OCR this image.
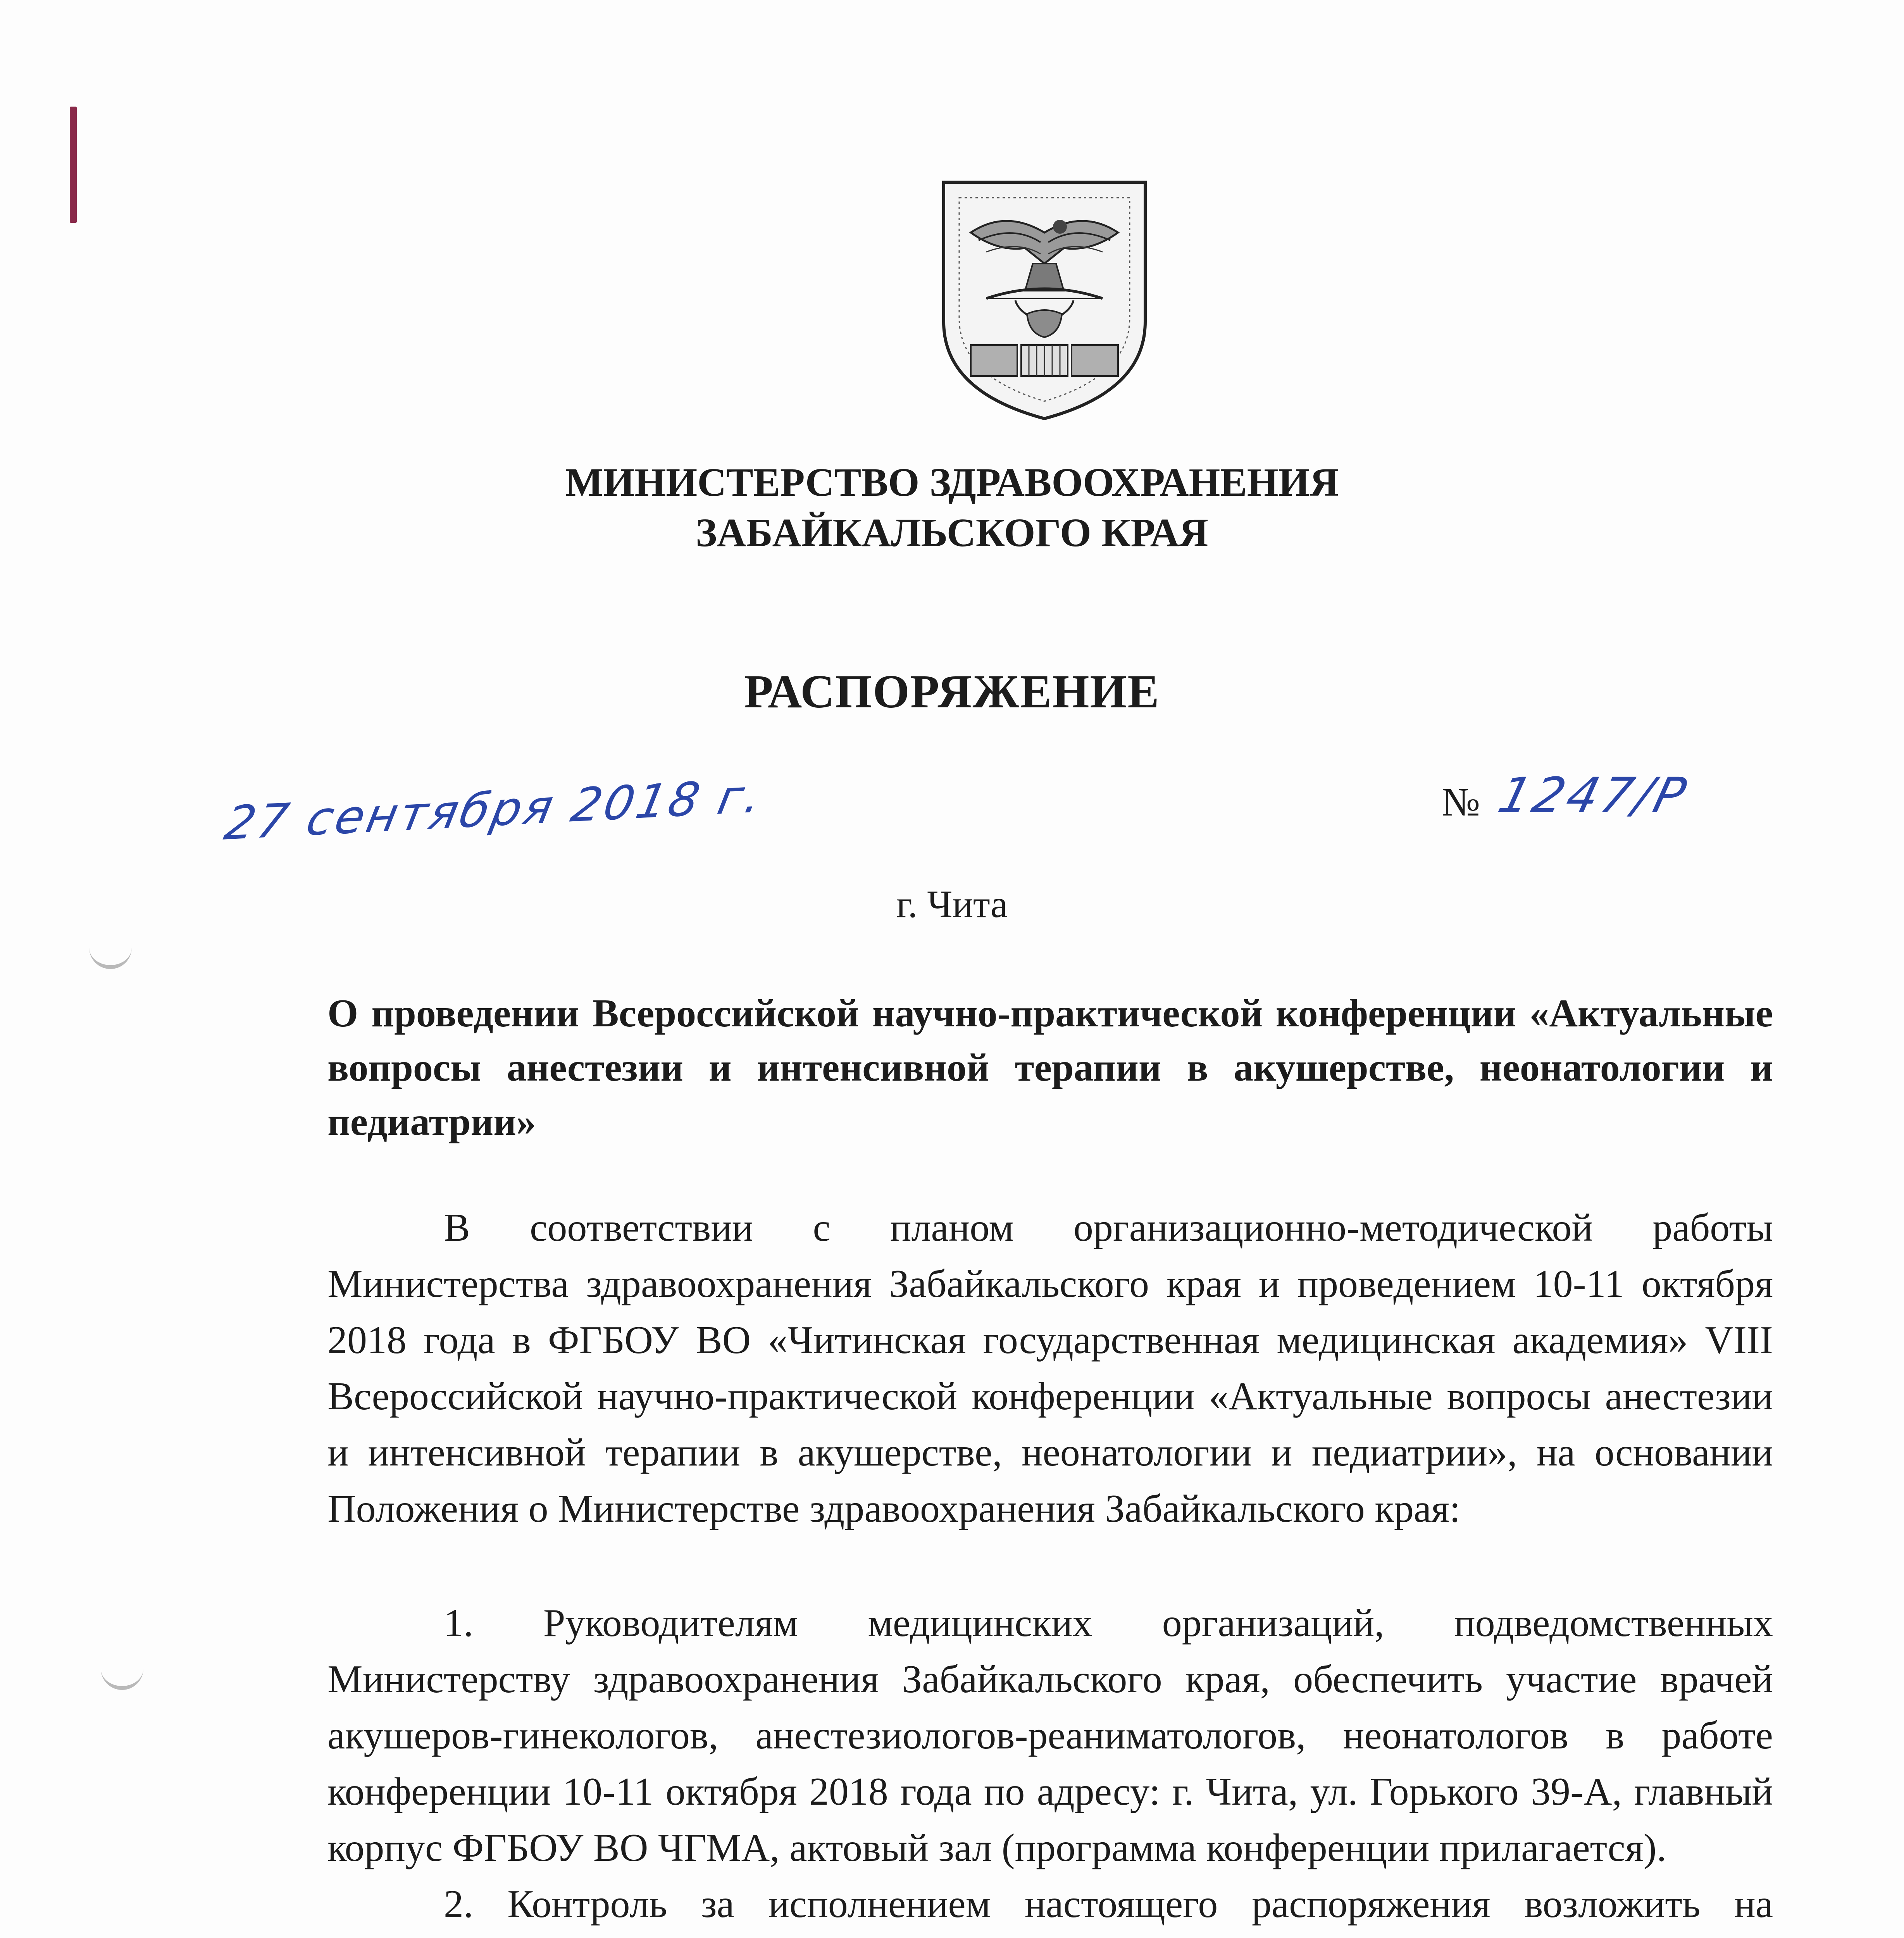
МИНИСТЕРСТВО ЗДРАВООХРАНЕНИЯ
ЗАБАЙКАЛЬСКОГО КРАЯ
РАСПОРЯЖЕНИЕ
27 сентября 2018 г.	№ 1247/Р
г. Чита
О проведении Всероссийской научно-практической конференции «Актуальные вопросы анестезии и интенсивной терапии в акушерстве, неонатологии и педиатрии»

В соответствии с планом организационно-методической работы Министерства здравоохранения Забайкальского края и проведением 10-11 октября 2018 года в ФГБОУ ВО «Читинская государственная медицинская академия» VIII Всероссийской научно-практической конференции «Актуальные вопросы анестезии и интенсивной терапии в акушерстве, неонатологии и педиатрии», на основании Положения о Министерстве здравоохранения Забайкальского края:

1. Руководителям медицинских организаций, подведомственных Министерству здравоохранения Забайкальского края, обеспечить участие врачей акушеров-гинекологов, анестезиологов-реаниматологов, неонатологов в работе конференции 10-11 октября 2018 года по адресу: г. Чита, ул. Горького 39-А, главный корпус ФГБОУ ВО ЧГМА, актовый зал (программа конференции прилагается).

2. Контроль за исполнением настоящего распоряжения возложить на
